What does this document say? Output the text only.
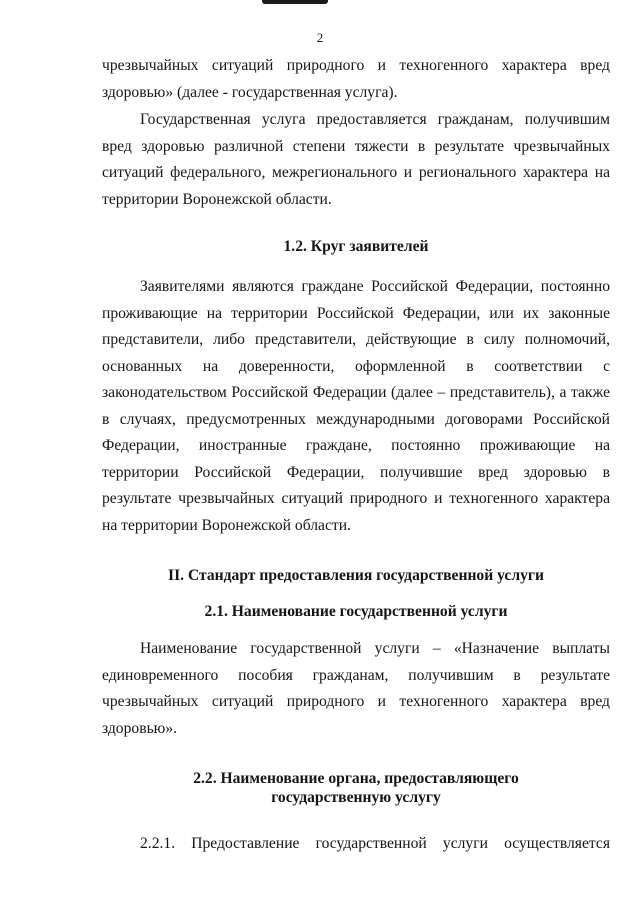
2

чрезвычайных ситуаций природного и техногенного характера вред здоровью» (далее - государственная услуга).

Государственная услуга предоставляется гражданам, получившим вред здоровью различной степени тяжести в результате чрезвычайных ситуаций федерального, межрегионального и регионального характера на территории Воронежской области.

1.2. Круг заявителей

Заявителями являются граждане Российской Федерации, постоянно проживающие на территории Российской Федерации, или их законные представители, либо представители, действующие в силу полномочий, основанных на доверенности, оформленной в соответствии с законодательством Российской Федерации (далее – представитель), а также в случаях, предусмотренных международными договорами Российской Федерации, иностранные граждане, постоянно проживающие на территории Российской Федерации, получившие вред здоровью в результате чрезвычайных ситуаций природного и техногенного характера на территории Воронежской области.

II. Стандарт предоставления государственной услуги
2.1. Наименование государственной услуги

Наименование государственной услуги – «Назначение выплаты единовременного пособия гражданам, получившим в результате чрезвычайных ситуаций природного и техногенного характера вред здоровью».

2.2. Наименование органа, предоставляющего
государственную услугу

2.2.1. Предоставление государственной услуги осуществляется
